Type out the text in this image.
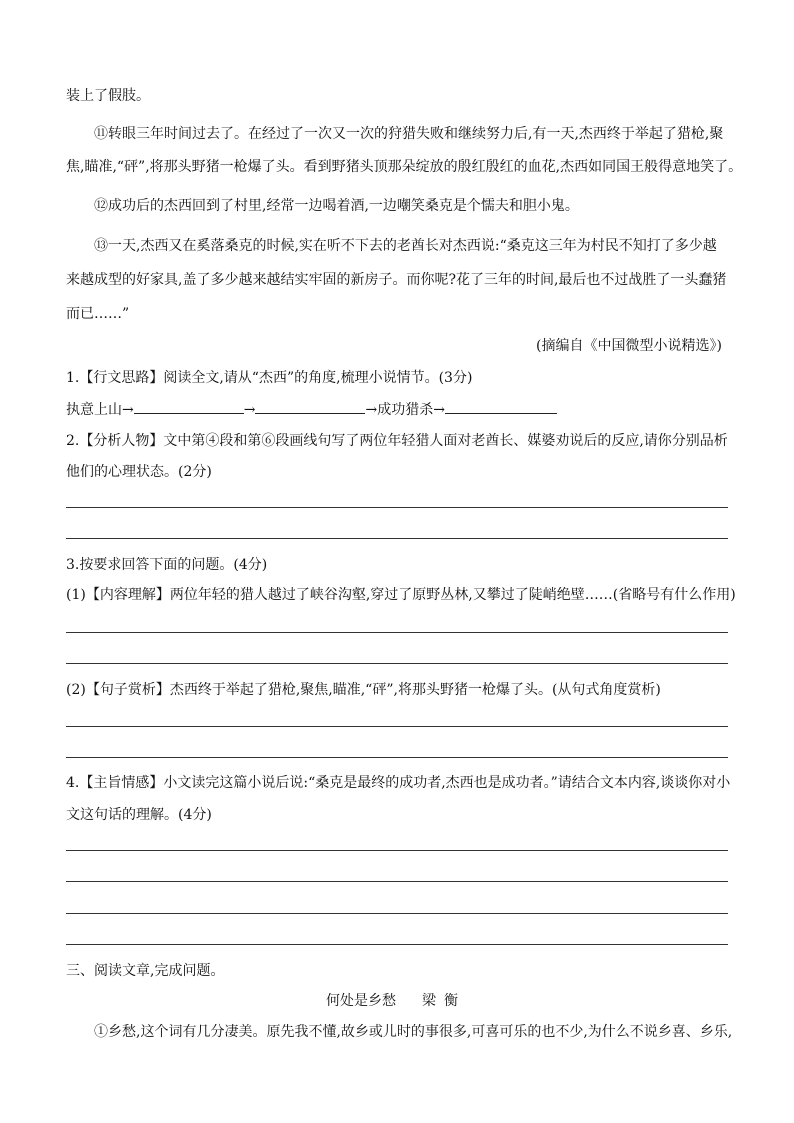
装上了假肢。
⑪转眼三年时间过去了。在经过了一次又一次的狩猎失败和继续努力后,有一天,杰西终于举起了猎枪,聚
焦,瞄准,“砰”,将那头野猪一枪爆了头。看到野猪头顶那朵绽放的殷红殷红的血花,杰西如同国王般得意地笑了。
⑫成功后的杰西回到了村里,经常一边喝着酒,一边嘲笑桑克是个懦夫和胆小鬼。
⑬一天,杰西又在奚落桑克的时候,实在听不下去的老酋长对杰西说:“桑克这三年为村民不知打了多少越
来越成型的好家具,盖了多少越来越结实牢固的新房子。而你呢?花了三年的时间,最后也不过战胜了一头蠢猪
而已……”
(摘编自《中国微型小说精选》)
1.【行文思路】阅读全文,请从“杰西”的角度,梳理小说情节。(3分)
执意上山→	→	→成功猎杀→
2.【分析人物】文中第④段和第⑥段画线句写了两位年轻猎人面对老酋长、媒婆劝说后的反应,请你分别品析
他们的心理状态。(2分)
3.按要求回答下面的问题。(4分)
(1)【内容理解】两位年轻的猎人越过了峡谷沟壑,穿过了原野丛林,又攀过了陡峭绝壁……(省略号有什么作用)
(2)【句子赏析】杰西终于举起了猎枪,聚焦,瞄准,“砰”,将那头野猪一枪爆了头。(从句式角度赏析)
4.【主旨情感】小文读完这篇小说后说:“桑克是最终的成功者,杰西也是成功者。”请结合文本内容,谈谈你对小
文这句话的理解。(4分)
三、阅读文章,完成问题。
何处是乡愁 梁衡
①乡愁,这个词有几分凄美。原先我不懂,故乡或儿时的事很多,可喜可乐的也不少,为什么不说乡喜、乡乐,
